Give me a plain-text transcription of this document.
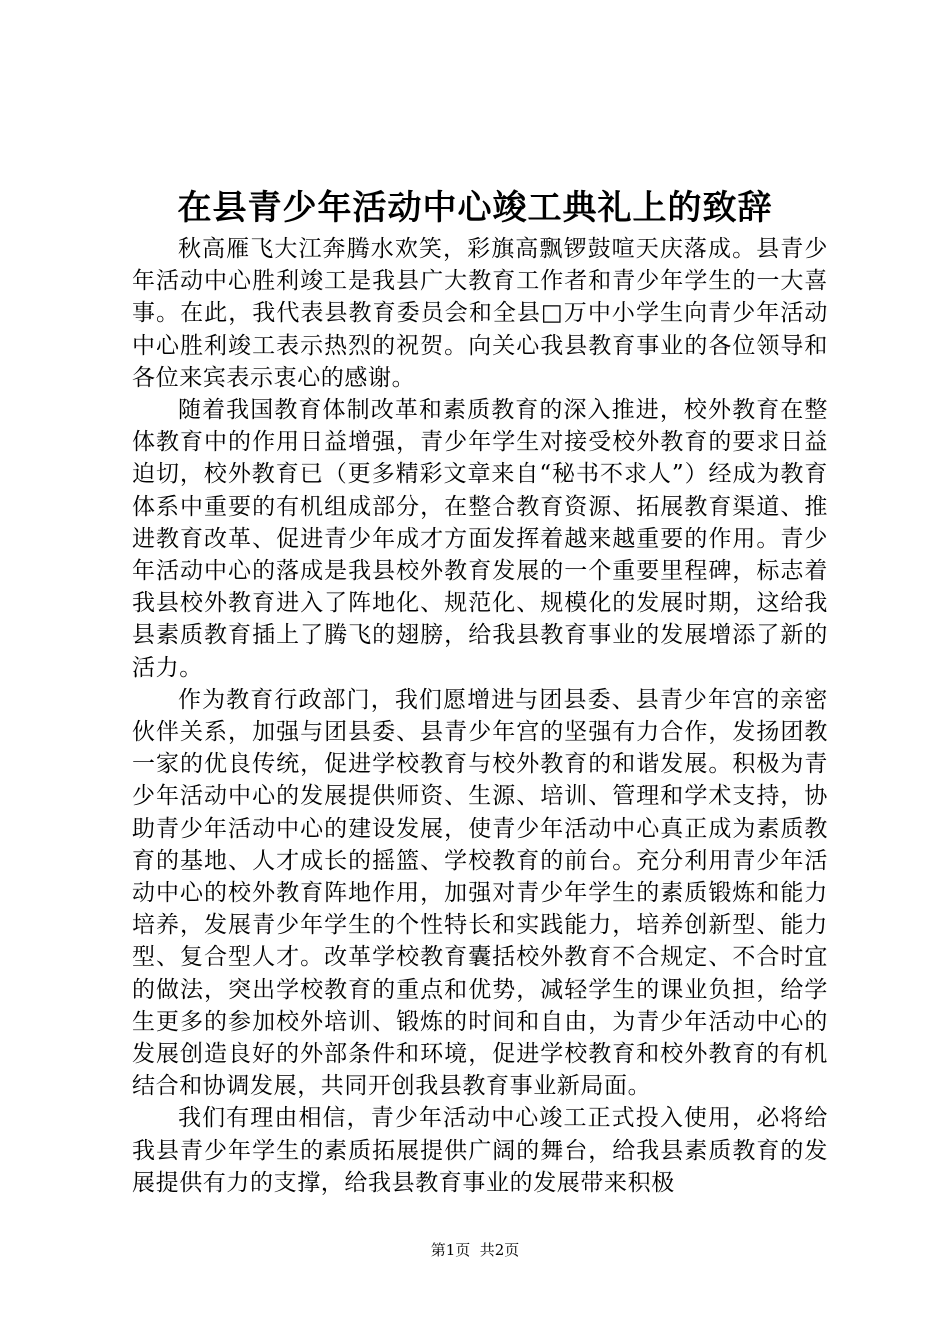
在县青少年活动中心竣工典礼上的致辞

秋高雁飞大江奔腾水欢笑，彩旗高飘锣鼓喧天庆落成。县青少年活动中心胜利竣工是我县广大教育工作者和青少年学生的一大喜事。在此，我代表县教育委员会和全县□万中小学生向青少年活动中心胜利竣工表示热烈的祝贺。向关心我县教育事业的各位领导和各位来宾表示衷心的感谢。

随着我国教育体制改革和素质教育的深入推进，校外教育在整体教育中的作用日益增强，青少年学生对接受校外教育的要求日益迫切，校外教育已（更多精彩文章来自“秘书不求人”）经成为教育体系中重要的有机组成部分，在整合教育资源、拓展教育渠道、推进教育改革、促进青少年成才方面发挥着越来越重要的作用。青少年活动中心的落成是我县校外教育发展的一个重要里程碑，标志着我县校外教育进入了阵地化、规范化、规模化的发展时期，这给我县素质教育插上了腾飞的翅膀，给我县教育事业的发展增添了新的活力。

作为教育行政部门，我们愿增进与团县委、县青少年宫的亲密伙伴关系，加强与团县委、县青少年宫的坚强有力合作，发扬团教一家的优良传统，促进学校教育与校外教育的和谐发展。积极为青少年活动中心的发展提供师资、生源、培训、管理和学术支持，协助青少年活动中心的建设发展，使青少年活动中心真正成为素质教育的基地、人才成长的摇篮、学校教育的前台。充分利用青少年活动中心的校外教育阵地作用，加强对青少年学生的素质锻炼和能力培养，发展青少年学生的个性特长和实践能力，培养创新型、能力型、复合型人才。改革学校教育囊括校外教育不合规定、不合时宜的做法，突出学校教育的重点和优势，减轻学生的课业负担，给学生更多的参加校外培训、锻炼的时间和自由，为青少年活动中心的发展创造良好的外部条件和环境，促进学校教育和校外教育的有机结合和协调发展，共同开创我县教育事业新局面。

我们有理由相信，青少年活动中心竣工正式投入使用，必将给我县青少年学生的素质拓展提供广阔的舞台，给我县素质教育的发展提供有力的支撑，给我县教育事业的发展带来积极

第1页  共2页
